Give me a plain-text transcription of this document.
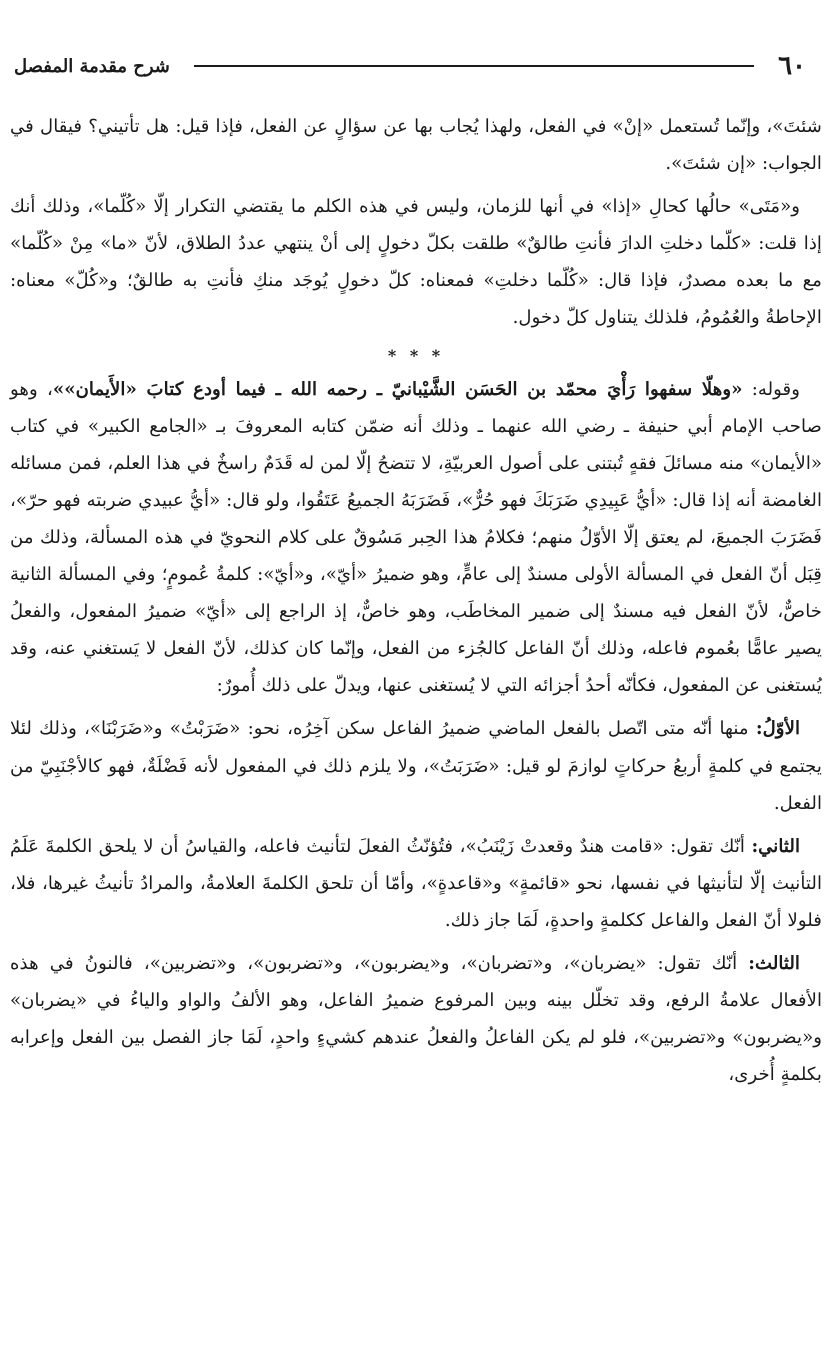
٦٠
شرح مقدمة المفصل

شئتَ»، وإنّما تُستعمل «إنْ» في الفعل، ولهذا يُجاب بها عن سؤالٍ عن الفعل، فإذا قيل: هل تأتيني؟ فيقال في الجواب: «إن شئتَ».

و«مَتَى» حالُها كحالِ «إذا» في أنها للزمان، وليس في هذه الكلم ما يقتضي التكرار إلّا «كُلّما»، وذلك أنك إذا قلت: «كلّما دخلتِ الدارَ فأنتِ طالقٌ» طلقت بكلّ دخولٍ إلى أنْ ينتهي عددُ الطلاق، لأنّ «ما» مِنْ «كُلّما» مع ما بعده مصدرٌ، فإذا قال: «كُلّما دخلتِ» فمعناه: كلّ دخولٍ يُوجَد منكِ فأنتِ به طالقٌ؛ و«كُلّ» معناه: الإحاطةُ والعُمُومُ، فلذلك يتناول كلّ دخول.

* * *

وقوله: «وهلّا سفهوا رَأْيَ محمّد بن الحَسَن الشَّيْبانيّ ـ رحمه الله ـ فيما أودع كتابَ «الأَيمان»»، وهو صاحب الإمام أبي حنيفة ـ رضي الله عنهما ـ وذلك أنه ضمّن كتابه المعروفَ بـ «الجامع الكبير» في كتاب «الأيمان» منه مسائلَ فقهٍ تُبتنى على أصول العربيّةِ، لا تتضحُ إلّا لمن له قَدَمٌ راسخٌ في هذا العلم، فمن مسائله الغامضة أنه إذا قال: «أيُّ عَبِيدِي ضَرَبَكَ فهو حُرٌّ»، فَضَرَبَهُ الجميعُ عَتَقُوا، ولو قال: «أيُّ عبيدي ضربته فهو حرّ»، فَضَرَبَ الجميعَ، لم يعتق إلّا الأوّلُ منهم؛ فكلامُ هذا الحِبر مَسُوقٌ على كلام النحويّ في هذه المسألة، وذلك من قِبَل أنّ الفعل في المسألة الأولى مسندٌ إلى عامٍّ، وهو ضميرُ «أيّ»، و«أيّ»: كلمةُ عُمومٍ؛ وفي المسألة الثانية خاصٌّ، لأنّ الفعل فيه مسندٌ إلى ضمير المخاطَب، وهو خاصٌّ، إذ الراجع إلى «أيّ» ضميرُ المفعول، والفعلُ يصير عامًّا بعُموم فاعله، وذلك أنّ الفاعل كالجُزء من الفعل، وإنّما كان كذلك، لأنّ الفعل لا يَستغني عنه، وقد يُستغنى عن المفعول، فكأنّه أحدُ أجزائه التي لا يُستغنى عنها، ويدلّ على ذلك أُمورٌ:

الأوّلُ: منها أنّه متى اتّصل بالفعل الماضي ضميرُ الفاعل سكن آخِرُه، نحو: «ضَرَبْتُ» و«ضَرَبْنَا»، وذلك لئلا يجتمع في كلمةٍ أربعُ حركاتٍ لوازمَ لو قيل: «ضَرَبَتُ»، ولا يلزم ذلك في المفعول لأنه فَضْلَةٌ، فهو كالأجْنَبِيّ من الفعل.

الثاني: أنّك تقول: «قامت هندٌ وقعدتْ زَيْنَبُ»، فتُؤنّثُ الفعلَ لتأنيث فاعله، والقياسُ أن لا يلحق الكلمةَ عَلَمُ التأنيث إلّا لتأنيثها في نفسها، نحو «قائمةٍ» و«قاعدةٍ»، وأمّا أن تلحق الكلمةَ العلامةُ، والمرادُ تأنيثُ غيرها، فلا، فلولا أنّ الفعل والفاعل ككلمةٍ واحدةٍ، لَمَا جاز ذلك.

الثالث: أنّك تقول: «يضربان»، و«تضربان»، و«يضربون»، و«تضربون»، و«تضربين»، فالنونُ في هذه الأفعال علامةُ الرفع، وقد تخلّل بينه وبين المرفوع ضميرُ الفاعل، وهو الألفُ والواو والياءُ في «يضربان» و«يضربون» و«تضربين»، فلو لم يكن الفاعلُ والفعلُ عندهم كشيءٍ واحدٍ، لَمَا جاز الفصل بين الفعل وإعرابه بكلمةٍ أُخرى،
